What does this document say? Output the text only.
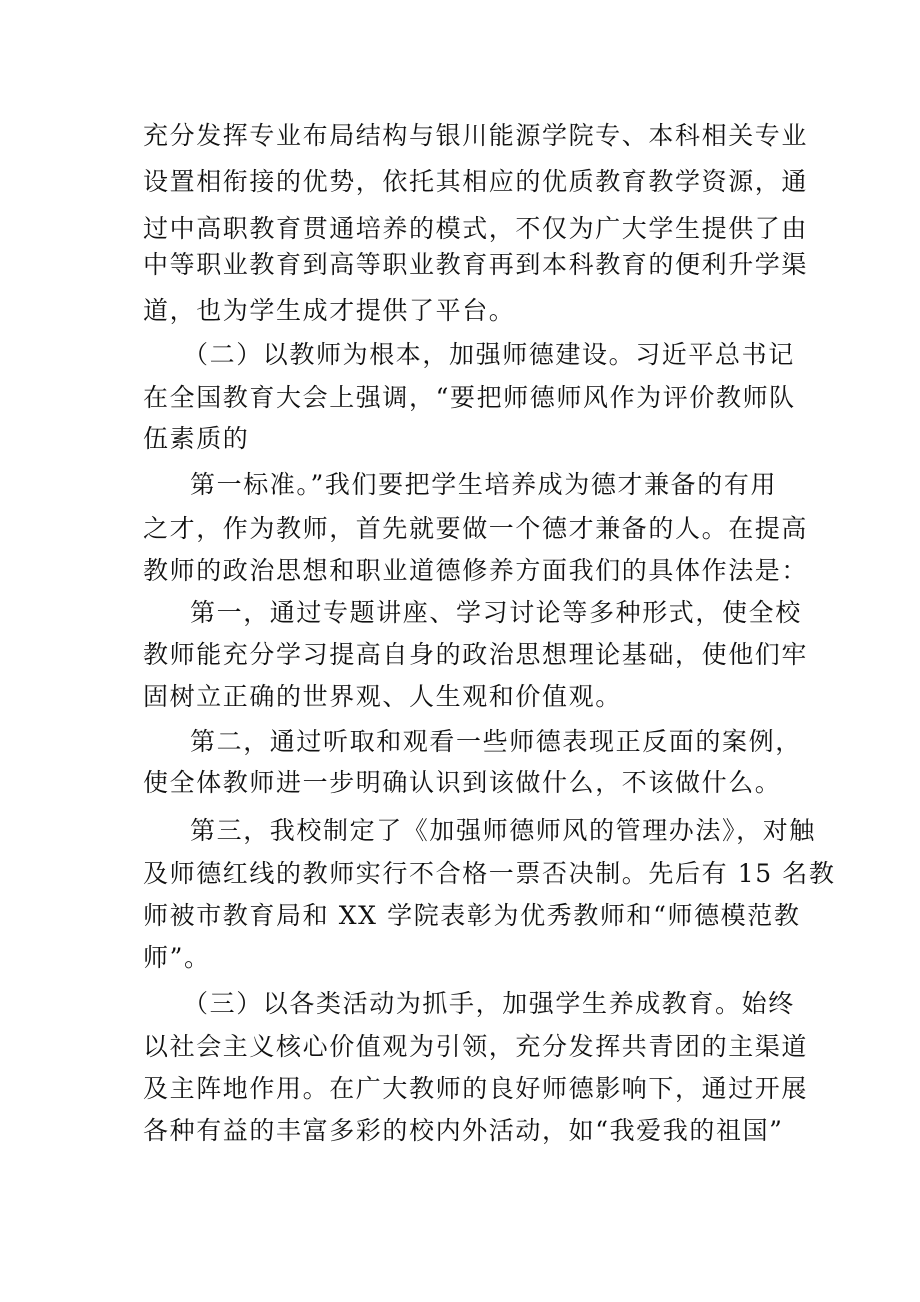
充分发挥专业布局结构与银川能源学院专、本科相关专业
设置相衔接的优势，依托其相应的优质教育教学资源，通
过中高职教育贯通培养的模式，不仅为广大学生提供了由
中等职业教育到高等职业教育再到本科教育的便利升学渠
道，也为学生成才提供了平台。
（二）以教师为根本，加强师德建设。习近平总书记
在全国教育大会上强调，“要把师德师风作为评价教师队
伍素质的
第一标准。”我们要把学生培养成为德才兼备的有用
之才，作为教师，首先就要做一个德才兼备的人。在提高
教师的政治思想和职业道德修养方面我们的具体作法是：
第一，通过专题讲座、学习讨论等多种形式，使全校
教师能充分学习提高自身的政治思想理论基础，使他们牢
固树立正确的世界观、人生观和价值观。
第二，通过听取和观看一些师德表现正反面的案例，
使全体教师进一步明确认识到该做什么，不该做什么。
第三，我校制定了《加强师德师风的管理办法》，对触
及师德红线的教师实行不合格一票否决制。先后有 15 名教
师被市教育局和 XX 学院表彰为优秀教师和“师德模范教
师”。
（三）以各类活动为抓手，加强学生养成教育。始终
以社会主义核心价值观为引领，充分发挥共青团的主渠道
及主阵地作用。在广大教师的良好师德影响下，通过开展
各种有益的丰富多彩的校内外活动，如“我爱我的祖国”
